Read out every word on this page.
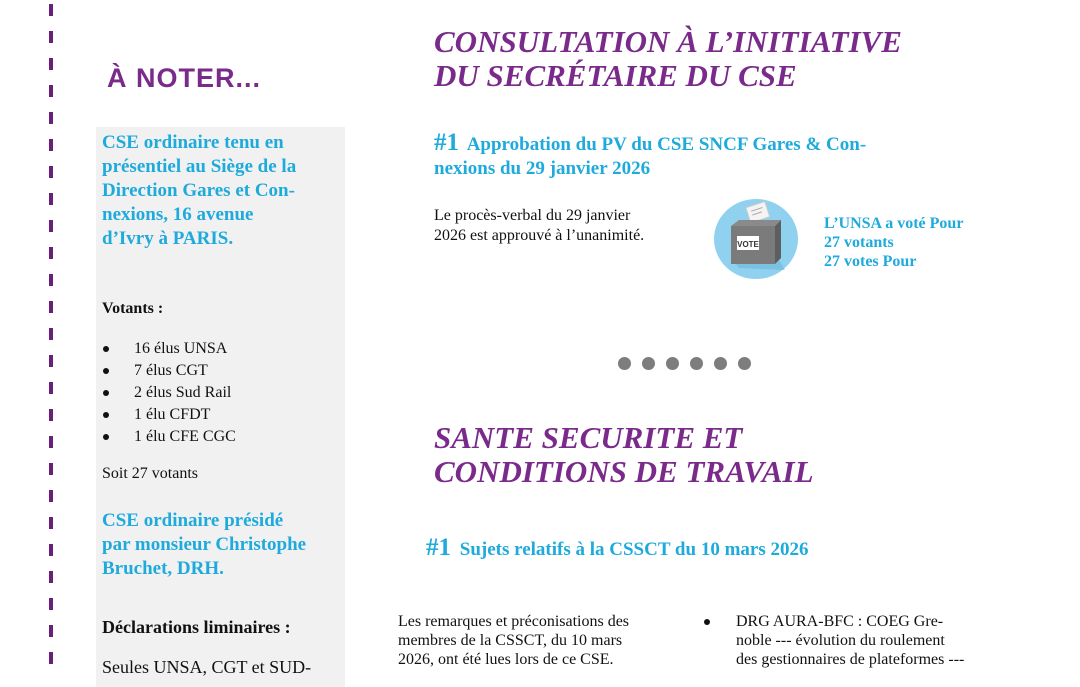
À NOTER...
CSE ordinaire tenu en
présentiel au Siège de la
Direction Gares et Con-
nexions, 16 avenue
d’Ivry à PARIS.
Votants :
16 élus UNSA
7 élus CGT
2 élus Sud Rail
1 élu CFDT
1 élu CFE CGC
Soit 27 votants
CSE ordinaire présidé
par monsieur Christophe
Bruchet, DRH.
Déclarations liminaires :
Seules UNSA, CGT et SUD-
CONSULTATION À L’INITIATIVE
DU SECRÉTAIRE DU CSE
#1 Approbation du PV du CSE SNCF Gares & Con-
nexions du 29 janvier 2026
Le procès-verbal du 29 janvier
2026 est approuvé à l’unanimité.
VOTE
L’UNSA a voté Pour
27 votants
27 votes Pour
SANTE SECURITE ET
CONDITIONS DE TRAVAIL
#1 Sujets relatifs à la CSSCT du 10 mars 2026
Les remarques et préconisations des
membres de la CSSCT, du 10 mars
2026, ont été lues lors de ce CSE.
DRG AURA-BFC : COEG Gre-
noble --- évolution du roulement
des gestionnaires de plateformes ---
